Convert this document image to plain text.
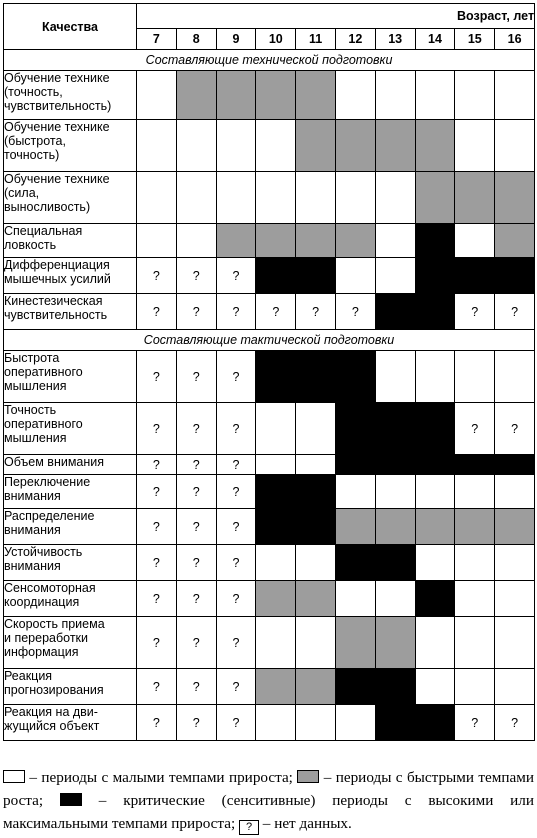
Качества	Возраст, лет									
	7	8	9	10	11	12	13	14	15	16
Составляющие технической подготовки										
Обучение технике
(точность,
чувствительность)										
Обучение технике
(быстрота,
точность)										
Обучение технике
(сила,
выносливость)										
Специальная
ловкость										
Дифференциация
мышечных усилий	?	?	?							
Кинестезическая
чувствительность	?	?	?	?	?	?			?	?
Составляющие тактической подготовки										
Быстрота
оперативного
мышления	?	?	?							
Точность
оперативного
мышления	?	?	?						?	?
Объем внимания	?	?	?							
Переключение
внимания	?	?	?							
Распределение
внимания	?	?	?							
Устойчивость
внимания	?	?	?							
Сенсомоторная
координация	?	?	?							
Скорость приема
и переработки
информация	?	?	?							
Реакция
прогнозирования	?	?	?							
Реакция на дви-
жущийся объект	?	?	?						?	?
– периоды с малыми темпами прироста;  – периоды с быстрыми темпами роста;  – критические (сенситивные) периоды с высокими или максимальными темпами прироста; ? – нет данных.
